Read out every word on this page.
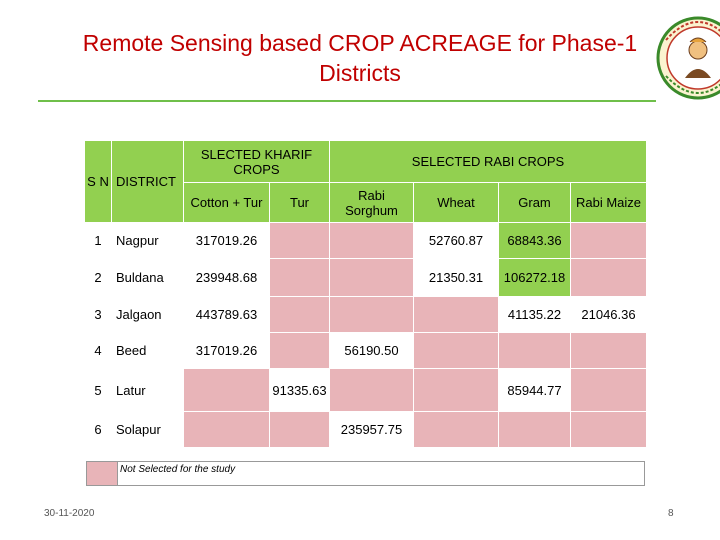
Remote Sensing based CROP ACREAGE for Phase-1
Districts
S N	DISTRICT	SLECTED KHARIF CROPS		SELECTED RABI CROPS			
		Cotton + Tur	Tur	Rabi Sorghum	Wheat	Gram	Rabi Maize
1	Nagpur	317019.26			52760.87	68843.36	
2	Buldana	239948.68			21350.31	106272.18	
3	Jalgaon	443789.63				41135.22	21046.36
4	Beed	317019.26		56190.50			
5	Latur		91335.63			85944.77	
6	Solapur			235957.75			
Not Selected for the study
30-11-2020	8
